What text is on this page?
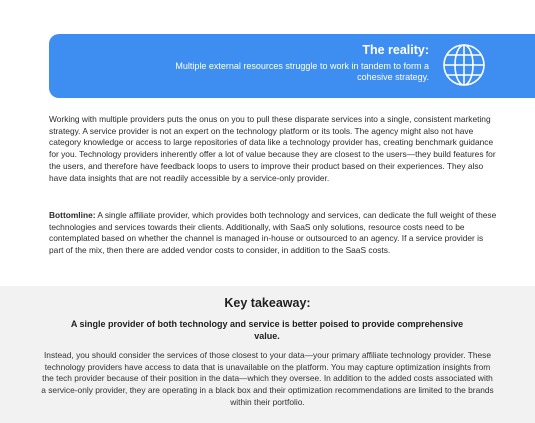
The reality:
Multiple external resources struggle to work in tandem to form a cohesive strategy.

Working with multiple providers puts the onus on you to pull these disparate services into a single, consistent marketing strategy. A service provider is not an expert on the technology platform or its tools. The agency might also not have category knowledge or access to large repositories of data like a technology provider has, creating benchmark guidance for you. Technology providers inherently offer a lot of value because they are closest to the users—they build features for the users, and therefore have feedback loops to users to improve their product based on their experiences. They also have data insights that are not readily accessible by a service-only provider.

Bottomline: A single affiliate provider, which provides both technology and services, can dedicate the full weight of these technologies and services towards their clients. Additionally, with SaaS only solutions, resource costs need to be contemplated based on whether the channel is managed in-house or outsourced to an agency. If a service provider is part of the mix, then there are added vendor costs to consider, in addition to the SaaS costs.

Key takeaway:
A single provider of both technology and service is better poised to provide comprehensive value.
Instead, you should consider the services of those closest to your data—your primary affiliate technology provider. These technology providers have access to data that is unavailable on the platform. You may capture optimization insights from the tech provider because of their position in the data—which they oversee. In addition to the added costs associated with a service-only provider, they are operating in a black box and their optimization recommendations are limited to the brands within their portfolio.
